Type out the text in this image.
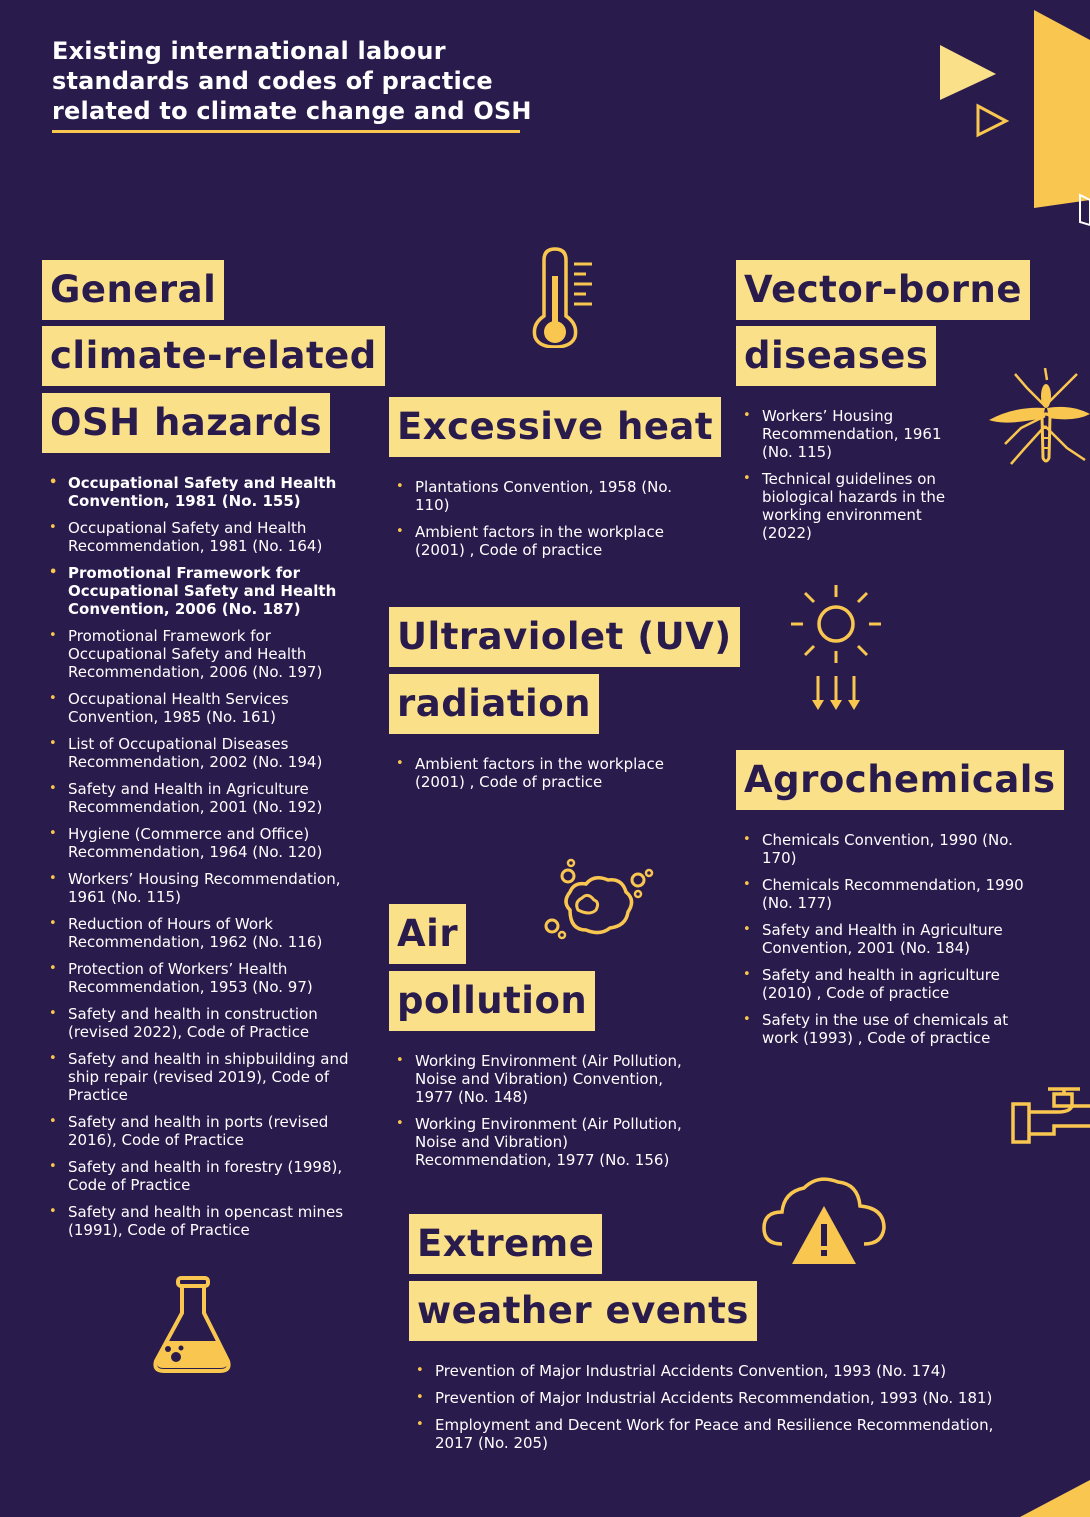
Existing international labour standards and codes of practice related to climate change and OSH
General
climate-related
OSH hazards
• Occupational Safety and Health Convention, 1981 (No. 155)
• Occupational Safety and Health Recommendation, 1981 (No. 164)
• Promotional Framework for Occupational Safety and Health Convention, 2006 (No. 187)
• Promotional Framework for Occupational Safety and Health Recommendation, 2006 (No. 197)
• Occupational Health Services Convention, 1985 (No. 161)
• List of Occupational Diseases Recommendation, 2002 (No. 194)
• Safety and Health in Agriculture Recommendation, 2001 (No. 192)
• Hygiene (Commerce and Office) Recommendation, 1964 (No. 120)
• Workers’ Housing Recommendation, 1961 (No. 115)
• Reduction of Hours of Work Recommendation, 1962 (No. 116)
• Protection of Workers’ Health Recommendation, 1953 (No. 97)
• Safety and health in construction (revised 2022), Code of Practice
• Safety and health in shipbuilding and ship repair (revised 2019), Code of Practice
• Safety and health in ports (revised 2016), Code of Practice
• Safety and health in forestry (1998), Code of Practice
• Safety and health in opencast mines (1991), Code of Practice
Excessive heat
• Plantations Convention, 1958 (No. 110)
• Ambient factors in the workplace (2001) , Code of practice
Ultraviolet (UV)
radiation
• Ambient factors in the workplace (2001) , Code of practice
Air
pollution
• Working Environment (Air Pollution, Noise and Vibration) Convention, 1977 (No. 148)
• Working Environment (Air Pollution, Noise and Vibration) Recommendation, 1977 (No. 156)
Vector-borne
diseases
• Workers’ Housing Recommendation, 1961 (No. 115)
• Technical guidelines on biological hazards in the working environment (2022)
Agrochemicals
• Chemicals Convention, 1990 (No. 170)
• Chemicals Recommendation, 1990 (No. 177)
• Safety and Health in Agriculture Convention, 2001 (No. 184)
• Safety and health in agriculture (2010) , Code of practice
• Safety in the use of chemicals at work (1993) , Code of practice
Extreme
weather events
• Prevention of Major Industrial Accidents Convention, 1993 (No. 174)
• Prevention of Major Industrial Accidents Recommendation, 1993 (No. 181)
• Employment and Decent Work for Peace and Resilience Recommendation, 2017 (No. 205)
